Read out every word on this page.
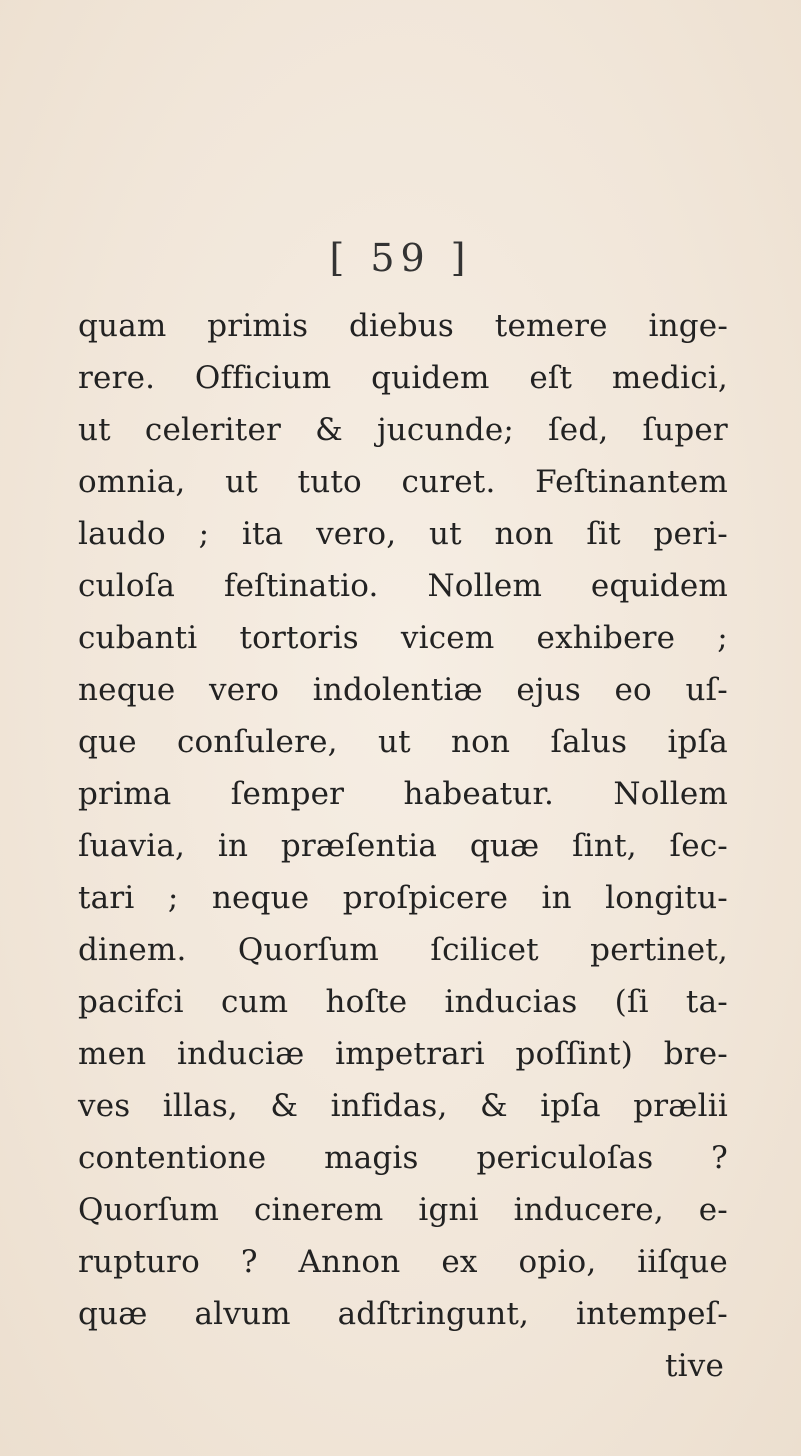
[ 59 ]
quam primis diebus temere inge-
rere. Officium quidem eſt medici,
ut celeriter & jucunde; ſed, ſuper
omnia, ut tuto curet. Feſtinantem
laudo ; ita vero, ut non ſit peri-
culoſa feſtinatio. Nollem equidem
cubanti tortoris vicem exhibere ;
neque vero indolentiæ ejus eo uſ-
que conſulere, ut non ſalus ipſa
prima ſemper habeatur. Nollem
ſuavia, in præſentia quæ ſint, ſec-
tari ; neque proſpicere in longitu-
dinem. Quorſum ſcilicet pertinet,
pacifci cum hoſte inducias (ſi ta-
men induciæ impetrari poſſint) bre-
ves illas, & infidas, & ipſa prælii
contentione magis periculoſas ?
Quorſum cinerem igni inducere, e-
rupturo ? Annon ex opio, iiſque
quæ alvum adſtringunt, intempeſ-
tive
